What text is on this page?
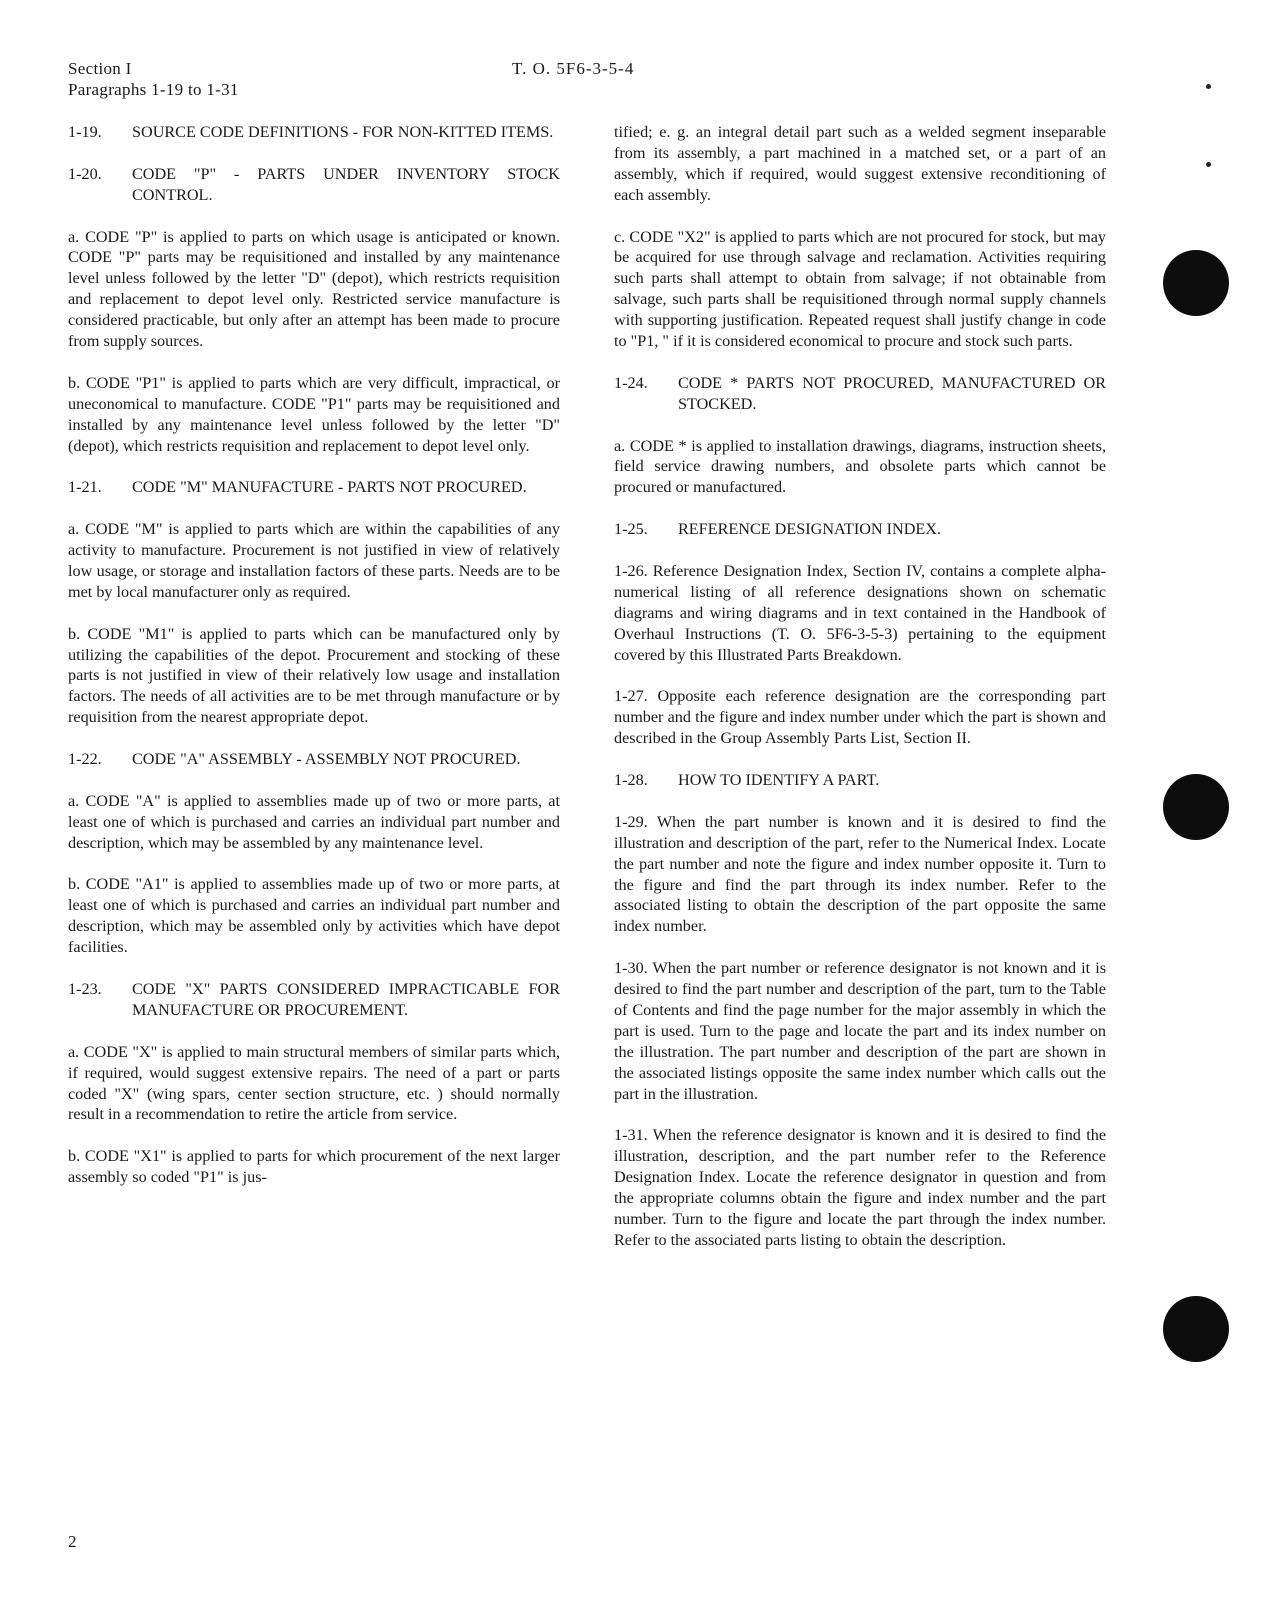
Section I
Paragraphs 1-19 to 1-31
T. O. 5F6-3-5-4

1-19.	SOURCE CODE DEFINITIONS - FOR NON-KITTED ITEMS.

1-20.	CODE "P" - PARTS UNDER INVENTORY STOCK CONTROL.

a. CODE "P" is applied to parts on which usage is anticipated or known. CODE "P" parts may be requisitioned and installed by any maintenance level unless followed by the letter "D" (depot), which restricts requisition and replacement to depot level only. Restricted service manufacture is considered practicable, but only after an attempt has been made to procure from supply sources.

b. CODE "P1" is applied to parts which are very difficult, impractical, or uneconomical to manufacture. CODE "P1" parts may be requisitioned and installed by any maintenance level unless followed by the letter "D" (depot), which restricts requisition and replacement to depot level only.

1-21.	CODE "M" MANUFACTURE - PARTS NOT PROCURED.

a. CODE "M" is applied to parts which are within the capabilities of any activity to manufacture. Procurement is not justified in view of relatively low usage, or storage and installation factors of these parts. Needs are to be met by local manufacturer only as required.

b. CODE "M1" is applied to parts which can be manufactured only by utilizing the capabilities of the depot. Procurement and stocking of these parts is not justified in view of their relatively low usage and installation factors. The needs of all activities are to be met through manufacture or by requisition from the nearest appropriate depot.

1-22.	CODE "A" ASSEMBLY - ASSEMBLY NOT PROCURED.

a. CODE "A" is applied to assemblies made up of two or more parts, at least one of which is purchased and carries an individual part number and description, which may be assembled by any maintenance level.

b. CODE "A1" is applied to assemblies made up of two or more parts, at least one of which is purchased and carries an individual part number and description, which may be assembled only by activities which have depot facilities.

1-23.	CODE "X" PARTS CONSIDERED IMPRACTICABLE FOR MANUFACTURE OR PROCUREMENT.

a. CODE "X" is applied to main structural members of similar parts which, if required, would suggest extensive repairs. The need of a part or parts coded "X" (wing spars, center section structure, etc. ) should normally result in a recommendation to retire the article from service.

b. CODE "X1" is applied to parts for which procurement of the next larger assembly so coded "P1" is jus-

tified; e. g. an integral detail part such as a welded segment inseparable from its assembly, a part machined in a matched set, or a part of an assembly, which if required, would suggest extensive reconditioning of each assembly.

c. CODE "X2" is applied to parts which are not procured for stock, but may be acquired for use through salvage and reclamation. Activities requiring such parts shall attempt to obtain from salvage; if not obtainable from salvage, such parts shall be requisitioned through normal supply channels with supporting justification. Repeated request shall justify change in code to "P1, " if it is considered economical to procure and stock such parts.

1-24.	CODE * PARTS NOT PROCURED, MANUFACTURED OR STOCKED.

a. CODE * is applied to installation drawings, diagrams, instruction sheets, field service drawing numbers, and obsolete parts which cannot be procured or manufactured.

1-25.	REFERENCE DESIGNATION INDEX.

1-26. Reference Designation Index, Section IV, contains a complete alpha-numerical listing of all reference designations shown on schematic diagrams and wiring diagrams and in text contained in the Handbook of Overhaul Instructions (T. O. 5F6-3-5-3) pertaining to the equipment covered by this Illustrated Parts Breakdown.

1-27. Opposite each reference designation are the corresponding part number and the figure and index number under which the part is shown and described in the Group Assembly Parts List, Section II.

1-28.	HOW TO IDENTIFY A PART.

1-29. When the part number is known and it is desired to find the illustration and description of the part, refer to the Numerical Index. Locate the part number and note the figure and index number opposite it. Turn to the figure and find the part through its index number. Refer to the associated listing to obtain the description of the part opposite the same index number.

1-30. When the part number or reference designator is not known and it is desired to find the part number and description of the part, turn to the Table of Contents and find the page number for the major assembly in which the part is used. Turn to the page and locate the part and its index number on the illustration. The part number and description of the part are shown in the associated listings opposite the same index number which calls out the part in the illustration.

1-31. When the reference designator is known and it is desired to find the illustration, description, and the part number refer to the Reference Designation Index. Locate the reference designator in question and from the appropriate columns obtain the figure and index number and the part number. Turn to the figure and locate the part through the index number. Refer to the associated parts listing to obtain the description.

2
